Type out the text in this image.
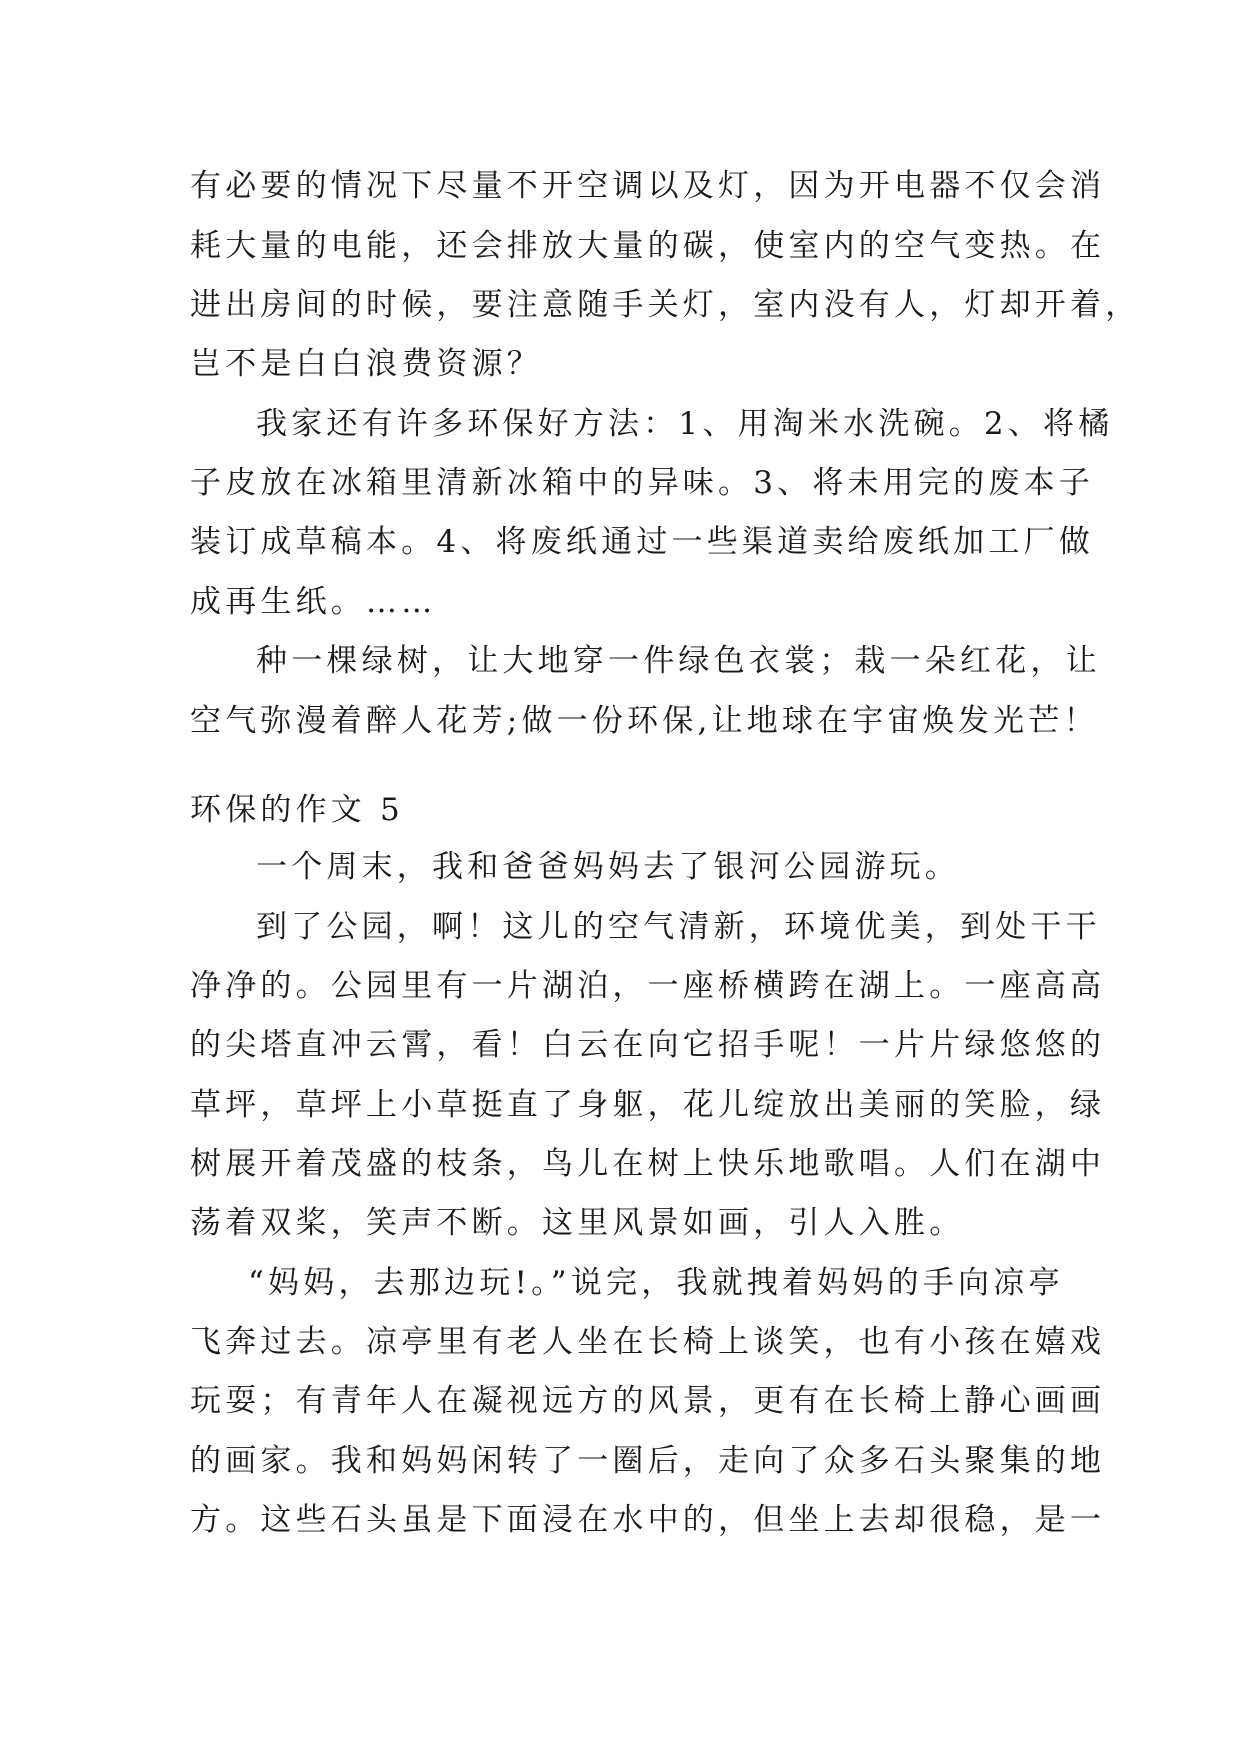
有必要的情况下尽量不开空调以及灯，因为开电器不仅会消
耗大量的电能，还会排放大量的碳，使室内的空气变热。在
进出房间的时候，要注意随手关灯，室内没有人，灯却开着，
岂不是白白浪费资源？
我家还有许多环保好方法：1、用淘米水洗碗。2、将橘
子皮放在冰箱里清新冰箱中的异味。3、将未用完的废本子
装订成草稿本。4、将废纸通过一些渠道卖给废纸加工厂做
成再生纸。……
种一棵绿树，让大地穿一件绿色衣裳；栽一朵红花，让
空气弥漫着醉人花芳;做一份环保,让地球在宇宙焕发光芒！
环保的作文 5
一个周末，我和爸爸妈妈去了银河公园游玩。
到了公园，啊！这儿的空气清新，环境优美，到处干干
净净的。公园里有一片湖泊，一座桥横跨在湖上。一座高高
的尖塔直冲云霄，看！白云在向它招手呢！一片片绿悠悠的
草坪，草坪上小草挺直了身躯，花儿绽放出美丽的笑脸，绿
树展开着茂盛的枝条，鸟儿在树上快乐地歌唱。人们在湖中
荡着双桨，笑声不断。这里风景如画，引人入胜。
“妈妈，去那边玩!。”说完，我就拽着妈妈的手向凉亭
飞奔过去。凉亭里有老人坐在长椅上谈笑，也有小孩在嬉戏
玩耍；有青年人在凝视远方的风景，更有在长椅上静心画画
的画家。我和妈妈闲转了一圈后，走向了众多石头聚集的地
方。这些石头虽是下面浸在水中的，但坐上去却很稳，是一
